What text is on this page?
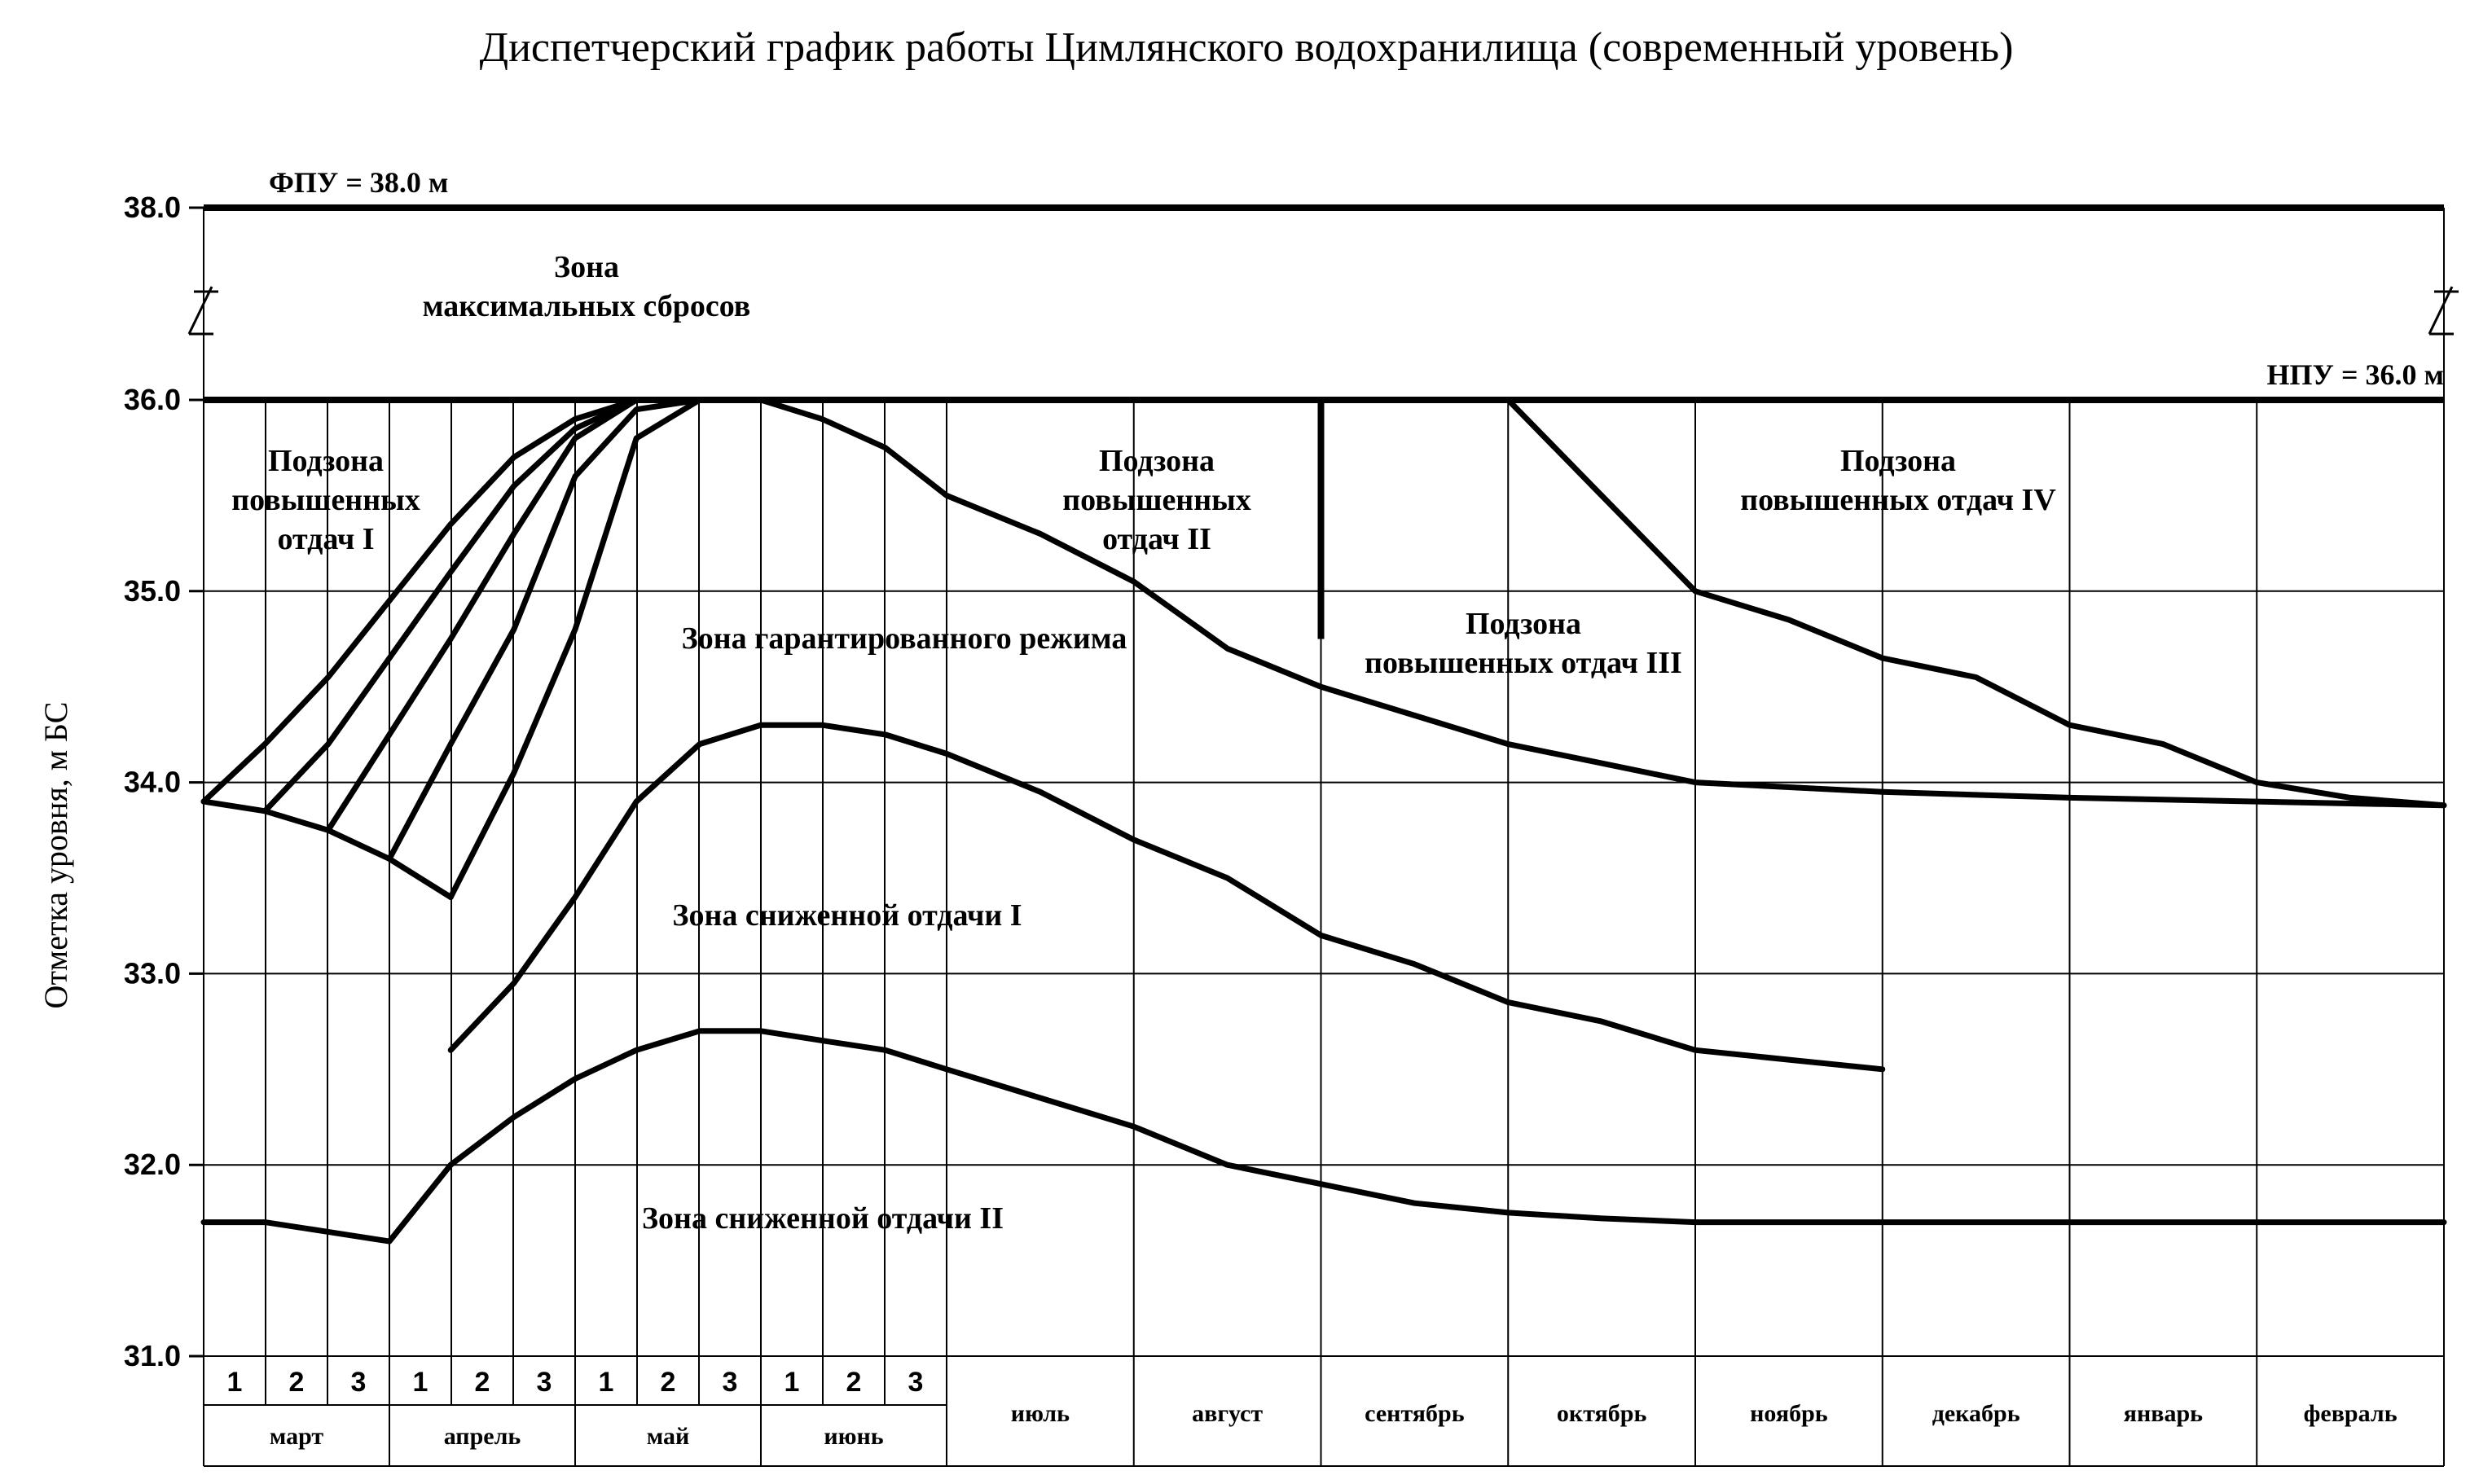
Диспетчерский график работы Цимлянского водохранилища (современный уровень)
31.0
32.0
33.0
34.0
35.0
36.0
38.0
Отметка уровня, м БС
ФПУ = 38.0 м
НПУ = 36.0 м
Зона
максимальных сбросов
Подзона
повышенных
отдач I
Подзона
повышенных
отдач II
Подзона
повышенных отдач III
Подзона
повышенных отдач IV
Зона гарантированного режима
Зона сниженной отдачи I
Зона сниженной отдачи II
1 2 3
март
1 2 3
апрель
1 2 3
май
1 2 3
июнь
июль	август	сентябрь	октябрь	ноябрь	декабрь	январь	февраль
